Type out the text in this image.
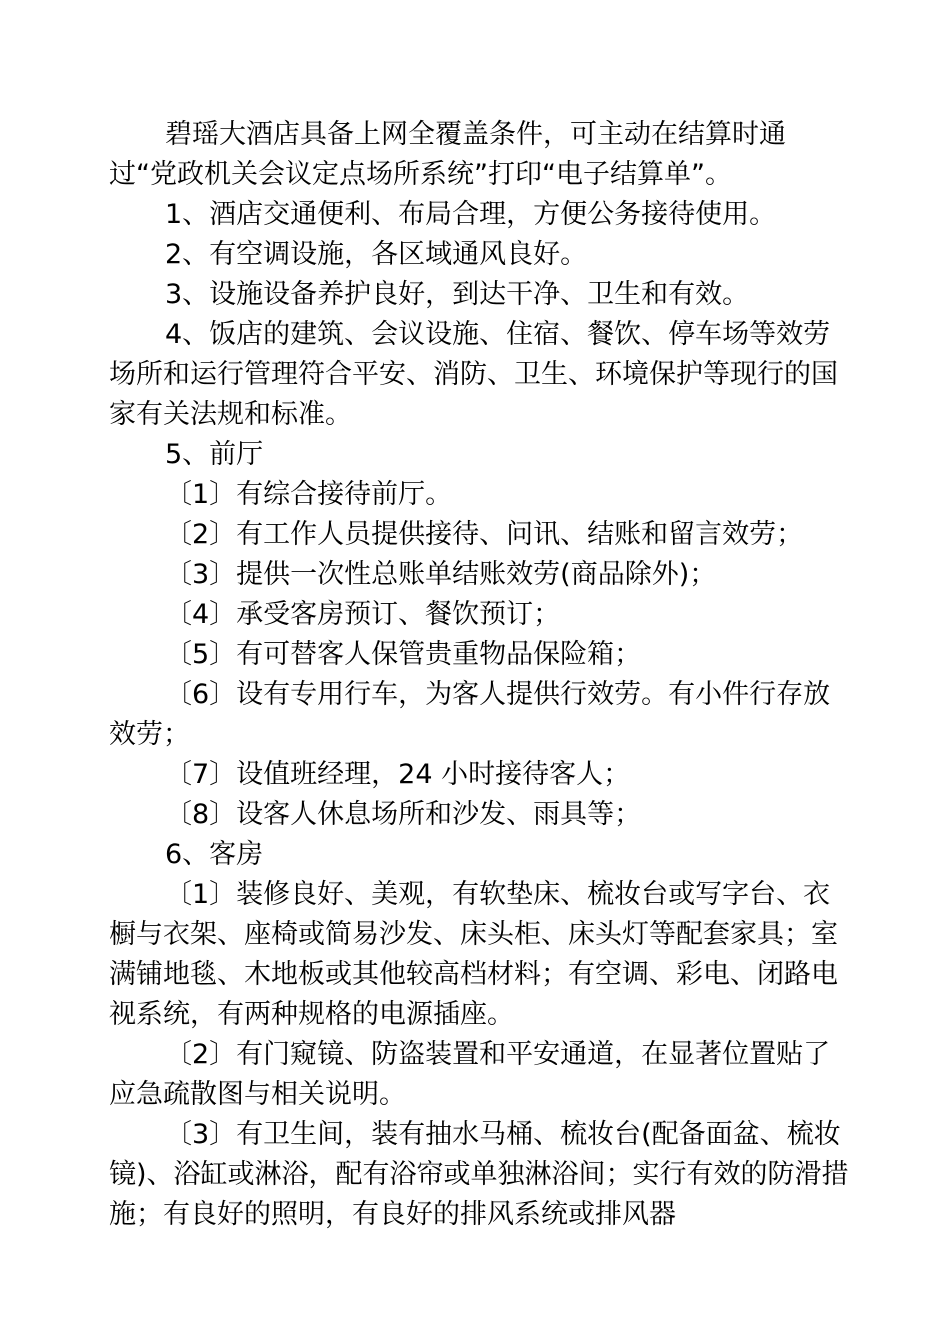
碧瑶大酒店具备上网全覆盖条件，可主动在结算时通过“党政机关会议定点场所系统”打印“电子结算单”。

1、酒店交通便利、布局合理，方便公务接待使用。

2、有空调设施，各区域通风良好。

3、设施设备养护良好，到达干净、卫生和有效。

4、饭店的建筑、会议设施、住宿、餐饮、停车场等效劳场所和运行管理符合平安、消防、卫生、环境保护等现行的国家有关法规和标准。

5、前厅

〔1〕有综合接待前厅。

〔2〕有工作人员提供接待、问讯、结账和留言效劳；

〔3〕提供一次性总账单结账效劳(商品除外)；

〔4〕承受客房预订、餐饮预订；

〔5〕有可替客人保管贵重物品保险箱；

〔6〕设有专用行车，为客人提供行效劳。有小件行存放效劳；

〔7〕设值班经理，24 小时接待客人；

〔8〕设客人休息场所和沙发、雨具等；

6、客房

〔1〕装修良好、美观，有软垫床、梳妆台或写字台、衣橱与衣架、座椅或简易沙发、床头柜、床头灯等配套家具；室满铺地毯、木地板或其他较高档材料；有空调、彩电、闭路电视系统，有两种规格的电源插座。

〔2〕有门窥镜、防盗装置和平安通道，在显著位置贴了应急疏散图与相关说明。

〔3〕有卫生间，装有抽水马桶、梳妆台(配备面盆、梳妆镜)、浴缸或淋浴，配有浴帘或单独淋浴间；实行有效的防滑措施；有良好的照明，有良好的排风系统或排风器
